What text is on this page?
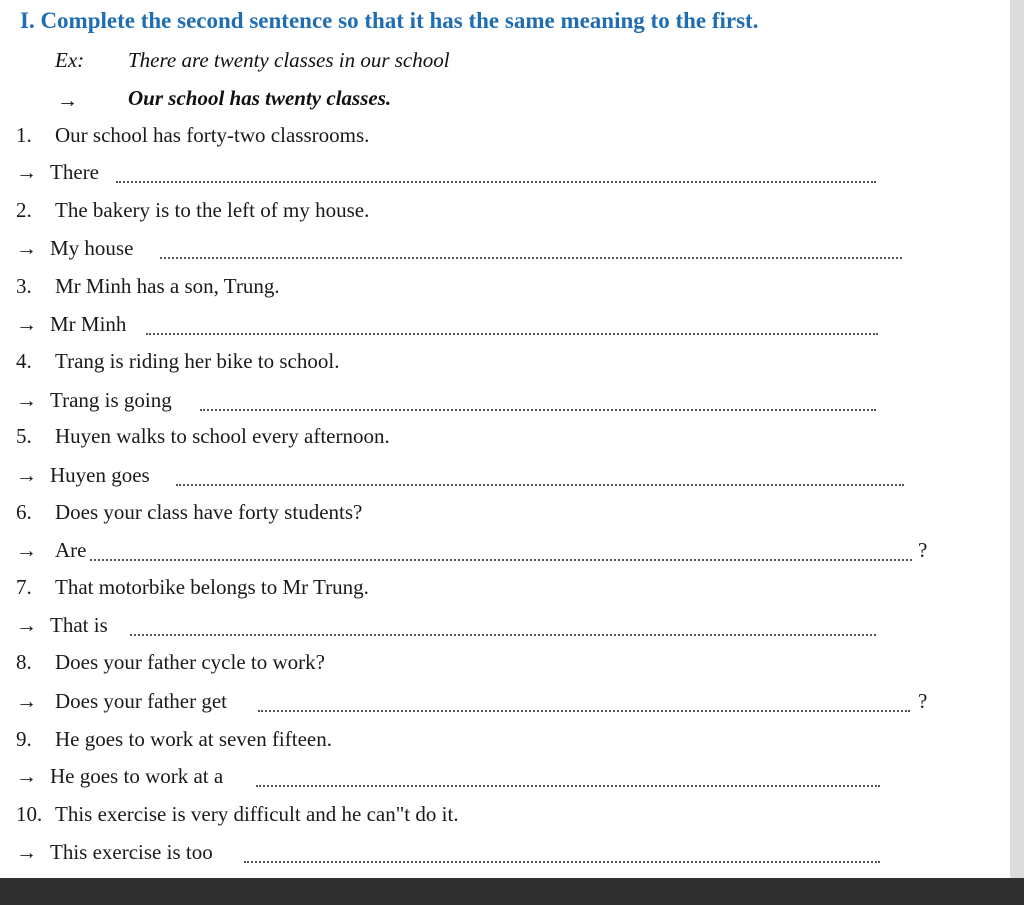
I. Complete the second sentence so that it has the same meaning to the first.
Ex: There are twenty classes in our school
→ Our school has twenty classes.
1. Our school has forty-two classrooms.
→ There
2. The bakery is to the left of my house.
→ My house
3. Mr Minh has a son, Trung.
→ Mr Minh
4. Trang is riding her bike to school.
→ Trang is going
5. Huyen walks to school every afternoon.
→ Huyen goes
6. Does your class have forty students?
→ Are	?
7. That motorbike belongs to Mr Trung.
→ That is
8. Does your father cycle to work?
→ Does your father get	?
9. He goes to work at seven fifteen.
→ He goes to work at a
10. This exercise is very difficult and he can"t do it.
→ This exercise is too
